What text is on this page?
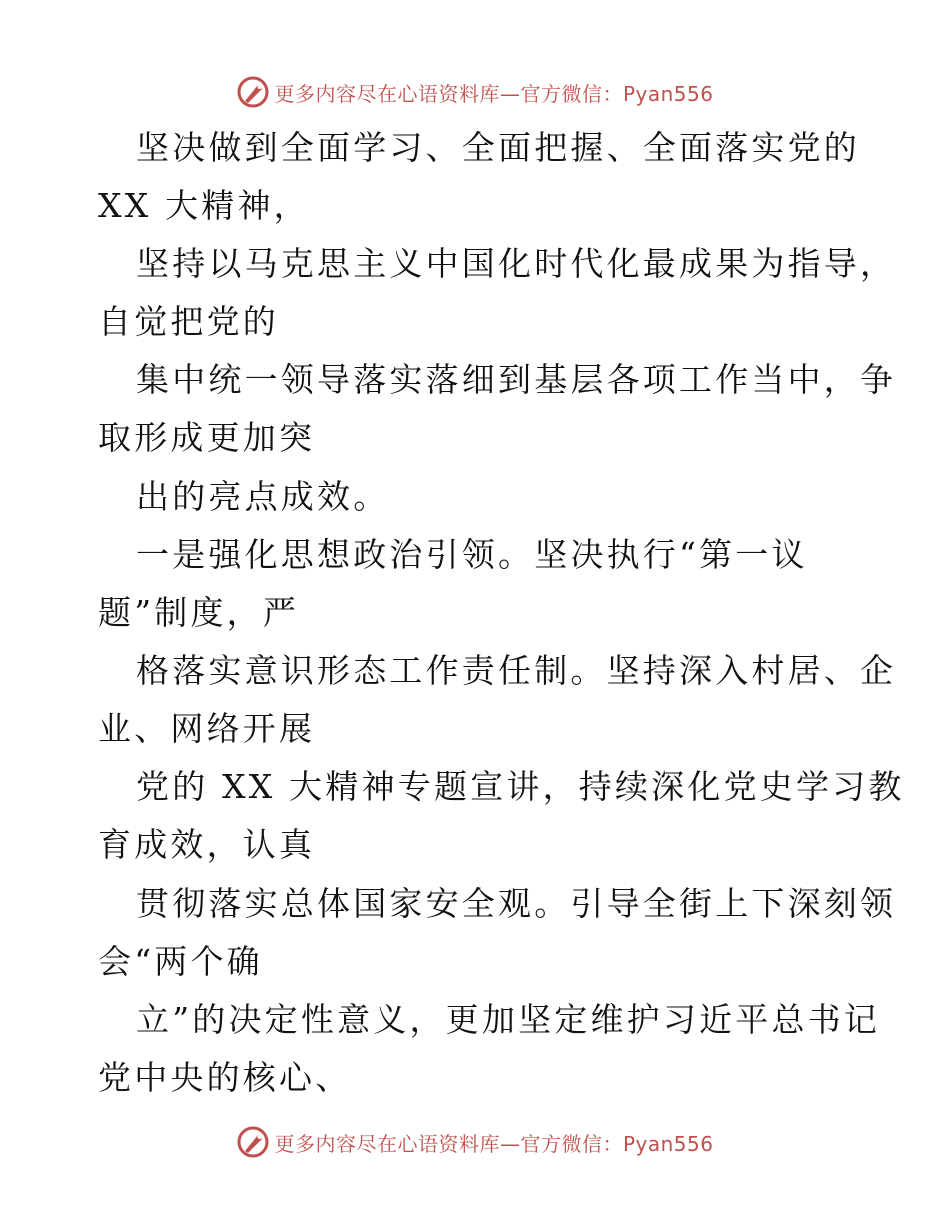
更多内容尽在心语资料库—官方微信：Pyan556
坚决做到全面学习、全面把握、全面落实党的
XX 大精神，
坚持以马克思主义中国化时代化最成果为指导，
自觉把党的
集中统一领导落实落细到基层各项工作当中，争
取形成更加突
出的亮点成效。
一是强化思想政治引领。坚决执行“第一议
题”制度，严
格落实意识形态工作责任制。坚持深入村居、企
业、网络开展
党的 XX 大精神专题宣讲，持续深化党史学习教
育成效，认真
贯彻落实总体国家安全观。引导全街上下深刻领
会“两个确
立”的决定性意义，更加坚定维护习近平总书记
党中央的核心、
更多内容尽在心语资料库—官方微信：Pyan556
